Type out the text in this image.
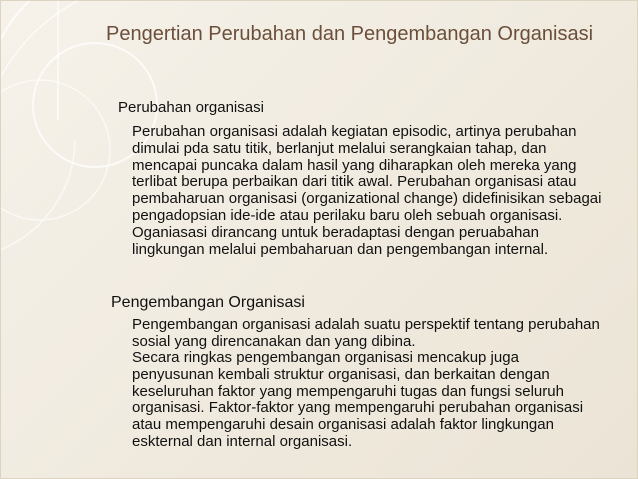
Pengertian Perubahan dan Pengembangan Organisasi
Perubahan organisasi

Perubahan organisasi adalah kegiatan episodic, artinya perubahan dimulai pda satu titik, berlanjut melalui serangkaian tahap, dan mencapai puncaka dalam hasil yang diharapkan oleh mereka yang terlibat berupa perbaikan dari titik awal. Perubahan organisasi atau pembaharuan organisasi (organizational change) didefinisikan sebagai pengadopsian ide-ide atau perilaku baru oleh sebuah organisasi. Oganiasasi dirancang untuk beradaptasi dengan peruabahan lingkungan melalui pembaharuan dan pengembangan internal.

Pengembangan Organisasi

Pengembangan organisasi adalah suatu perspektif tentang perubahan sosial yang direncanakan dan yang dibina.

Secara ringkas pengembangan organisasi mencakup juga penyusunan kembali struktur organisasi, dan berkaitan dengan keseluruhan faktor yang mempengaruhi tugas dan fungsi seluruh organisasi. Faktor-faktor yang mempengaruhi perubahan organisasi atau mempengaruhi desain organisasi adalah faktor lingkungan eskternal dan internal organisasi.
